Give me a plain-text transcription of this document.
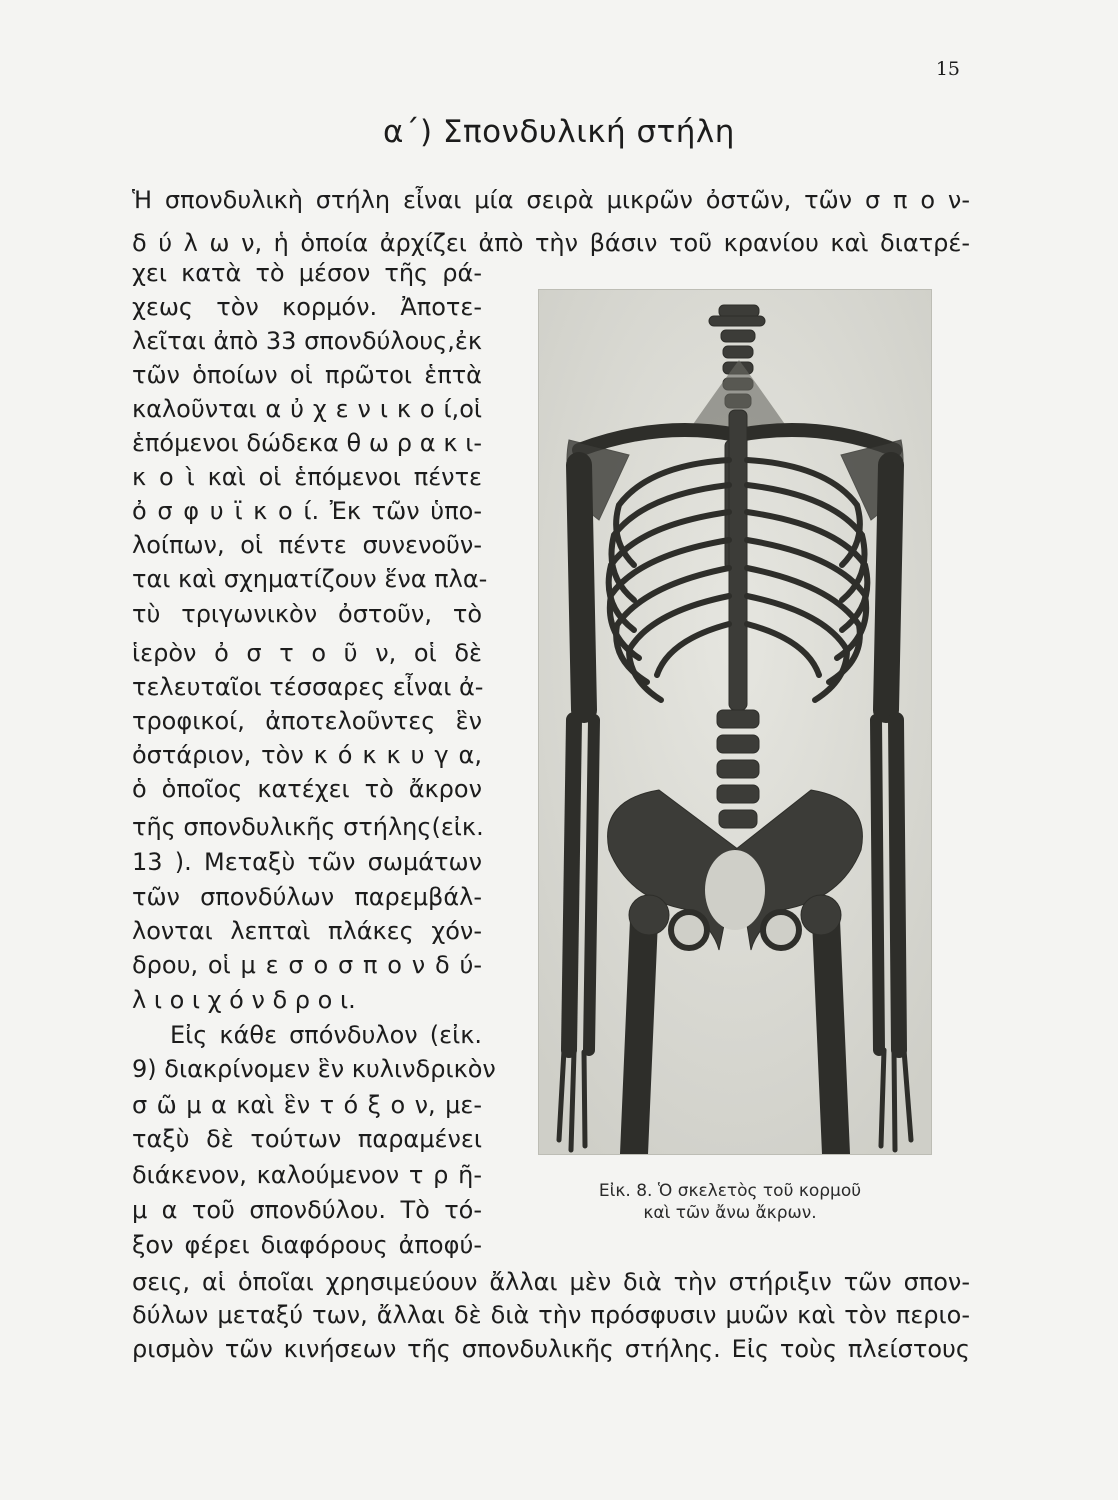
15
α΄) Σπονδυλική στήλη
Ἡ σπονδυλικὴ στήλη εἶναι μία σειρὰ μικρῶν ὀστῶν, τῶν σ π ο ν-
δ ύ λ ω ν, ἡ ὁποία ἀρχίζει ἀπὸ τὴν βάσιν τοῦ κρανίου καὶ διατρέ-
χει κατὰ τὸ μέσον τῆς ρά-
χεως τὸν κορμόν. Ἀποτε-
λεῖται ἀπὸ 33 σπονδύλους,ἐκ
τῶν ὁποίων οἱ πρῶτοι ἑπτὰ
καλοῦνται α ὐ χ ε ν ι κ ο ί,οἱ
ἑπόμενοι δώδεκα θ ω ρ α κ ι-
κ ο ὶ καὶ οἱ ἑπόμενοι πέντε
ὀ σ φ υ ϊ κ ο ί. Ἐκ τῶν ὑπο-
λοίπων, οἱ πέντε συνενοῦν-
ται καὶ σχηματίζουν ἕνα πλα-
τὺ τριγωνικὸν ὀστοῦν, τὸ
ἱερὸν ὀ σ τ ο ῦ ν, οἱ δὲ
τελευταῖοι τέσσαρες εἶναι ἀ-
τροφικοί, ἀποτελοῦντες ἓν
ὀστάριον, τὸν κ ό κ κ υ γ α,
ὁ ὁποῖος κατέχει τὸ ἄκρον
τῆς σπονδυλικῆς στήλης(εἰκ.
13 ). Μεταξὺ τῶν σωμάτων
τῶν σπονδύλων παρεμβάλ-
λονται λεπταὶ πλάκες χόν-
δρου, οἱ μ ε σ ο σ π ο ν δ ύ-
λ ι ο ι χ ό ν δ ρ ο ι.
Εἰς κάθε σπόνδυλον (εἰκ.
9) διακρίνομεν ἓν κυλινδρικὸν
σ ῶ μ α καὶ ἓν τ ό ξ ο ν, με-
ταξὺ δὲ τούτων παραμένει
διάκενον, καλούμενον τ ρ ῆ-
μ α τοῦ σπονδύλου. Τὸ τό-
ξον φέρει διαφόρους ἀποφύ-
σεις, αἱ ὁποῖαι χρησιμεύουν ἄλλαι μὲν διὰ τὴν στήριξιν τῶν σπον-
δύλων μεταξύ των, ἄλλαι δὲ διὰ τὴν πρόσφυσιν μυῶν καὶ τὸν περιο-
ρισμὸν τῶν κινήσεων τῆς σπονδυλικῆς στήλης. Εἰς τοὺς πλείστους
Εἰκ. 8. Ὁ σκελετὸς τοῦ κορμοῦ
καὶ τῶν ἄνω ἄκρων.
